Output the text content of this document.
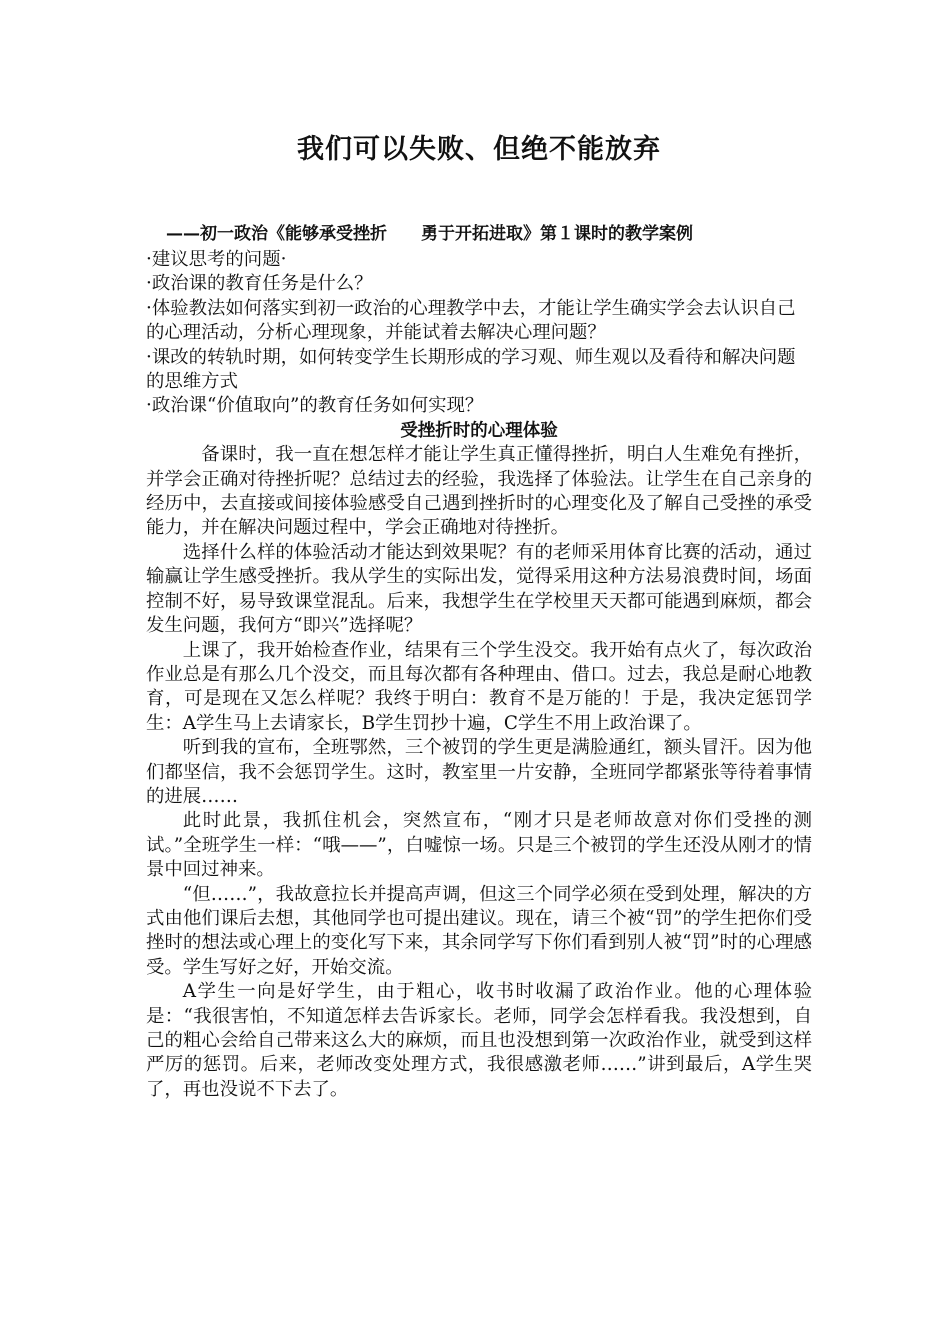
我们可以失败、但绝不能放弃

——初一政治《能够承受挫折　　勇于开拓进取》第１课时的教学案例

·建议思考的问题·
·政治课的教育任务是什么？
·体验教法如何落实到初一政治的心理教学中去，才能让学生确实学会去认识自己的心理活动，分析心理现象，并能试着去解决心理问题？
·课改的转轨时期，如何转变学生长期形成的学习观、师生观以及看待和解决问题的思维方式
·政治课“价值取向”的教育任务如何实现？
受挫折时的心理体验

备课时，我一直在想怎样才能让学生真正懂得挫折，明白人生难免有挫折，并学会正确对待挫折呢？总结过去的经验，我选择了体验法。让学生在自己亲身的经历中，去直接或间接体验感受自己遇到挫折时的心理变化及了解自己受挫的承受能力，并在解决问题过程中，学会正确地对待挫折。

选择什么样的体验活动才能达到效果呢？有的老师采用体育比赛的活动，通过输赢让学生感受挫折。我从学生的实际出发，觉得采用这种方法易浪费时间，场面控制不好，易导致课堂混乱。后来，我想学生在学校里天天都可能遇到麻烦，都会发生问题，我何方“即兴”选择呢？

上课了，我开始检查作业，结果有三个学生没交。我开始有点火了，每次政治作业总是有那么几个没交，而且每次都有各种理由、借口。过去，我总是耐心地教育，可是现在又怎么样呢？我终于明白：教育不是万能的！于是，我决定惩罚学生：A学生马上去请家长，B学生罚抄十遍，C学生不用上政治课了。

听到我的宣布，全班鄂然，三个被罚的学生更是满脸通红，额头冒汗。因为他们都坚信，我不会惩罚学生。这时，教室里一片安静，全班同学都紧张等待着事情的进展……

此时此景，我抓住机会，突然宣布，“刚才只是老师故意对你们受挫的测试。”全班学生一样：“哦——”，白嘘惊一场。只是三个被罚的学生还没从刚才的情景中回过神来。

“但……”，我故意拉长并提高声调，但这三个同学必须在受到处理，解决的方式由他们课后去想，其他同学也可提出建议。现在，请三个被“罚”的学生把你们受挫时的想法或心理上的变化写下来，其余同学写下你们看到别人被“罚”时的心理感受。学生写好之好，开始交流。

A学生一向是好学生，由于粗心，收书时收漏了政治作业。他的心理体验是：“我很害怕，不知道怎样去告诉家长。老师，同学会怎样看我。我没想到，自己的粗心会给自己带来这么大的麻烦，而且也没想到第一次政治作业，就受到这样严厉的惩罚。后来，老师改变处理方式，我很感激老师……”讲到最后，A学生哭了，再也没说不下去了。
